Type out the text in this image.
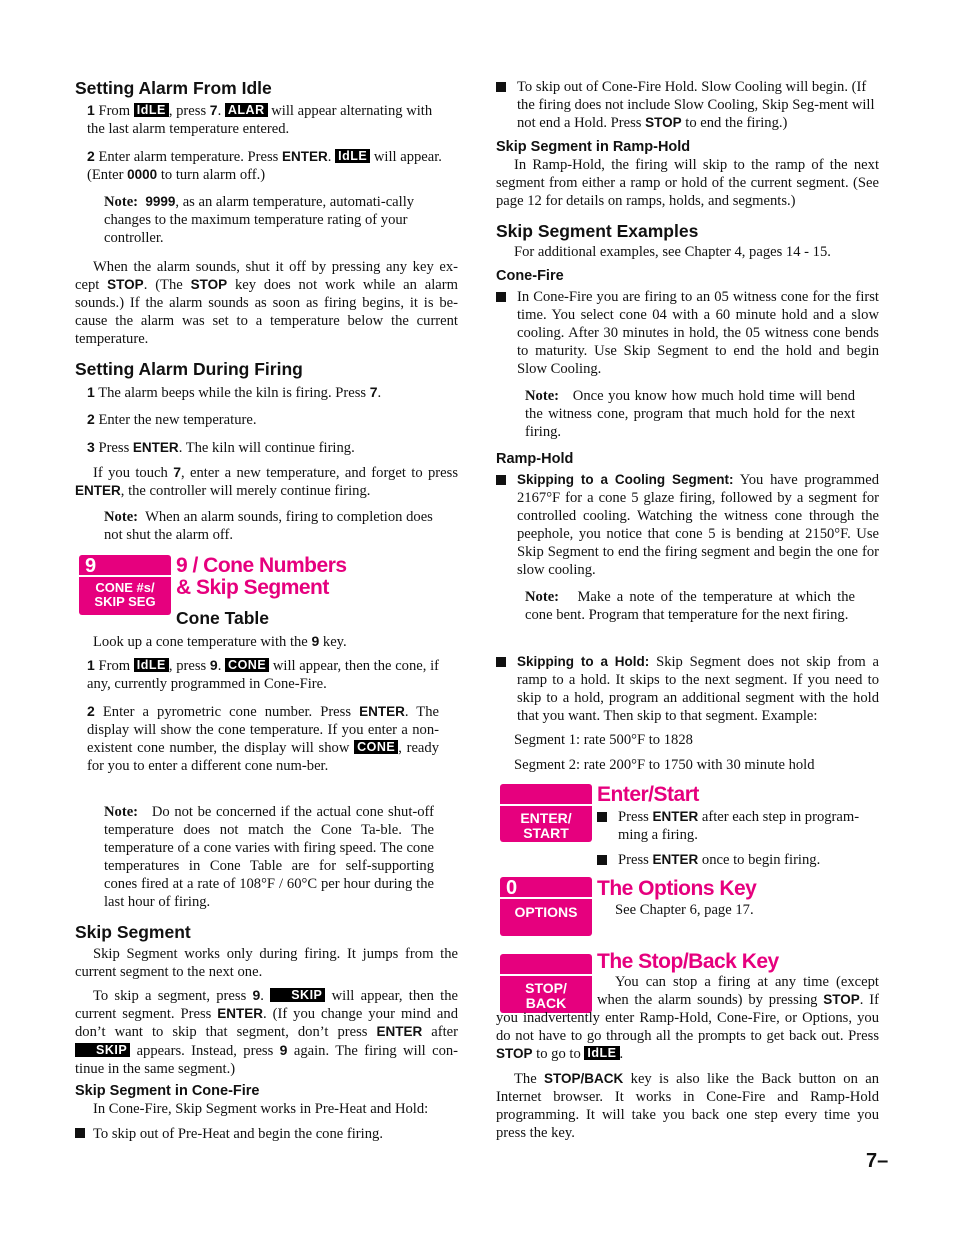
Setting Alarm From Idle
1 From IdLE , press 7. ALAR will appear alternating with the last alarm temperature entered.
2 Enter alarm temperature. Press ENTER. IdLE will appear. (Enter 0000 to turn alarm off.)
Note: 9999, as an alarm temperature, automati-cally changes to the maximum temperature rating of your controller.
When the alarm sounds, shut it off by pressing any key ex-cept STOP. (The STOP key does not work while an alarm sounds.) If the alarm sounds as soon as firing begins, it is be-cause the alarm was set to a temperature below the current temperature.
Setting Alarm During Firing
1 The alarm beeps while the kiln is firing. Press 7.
2 Enter the new temperature.
3 Press ENTER. The kiln will continue firing.
If you touch 7, enter a new temperature, and forget to press ENTER, the controller will merely continue firing.
Note: When an alarm sounds, firing to completion does not shut the alarm off.
9
CONE #s/
SKIP SEG
9 / Cone Numbers
& Skip Segment
Cone Table
Look up a cone temperature with the 9 key.
1 From IdLE , press 9. CONE will appear, then the cone, if any, currently programmed in Cone-Fire.
2 Enter a pyrometric cone number. Press ENTER. The display will show the cone temperature. If you enter a non-existent cone number, the display will show CONE , ready for you to enter a different cone num-ber.
Note: Do not be concerned if the actual cone shut-off temperature does not match the Cone Ta-ble. The temperature of a cone varies with firing speed. The cone temperatures in Cone Table are for self-supporting cones fired at a rate of 108°F / 60°C per hour during the last hour of firing.
Skip Segment
Skip Segment works only during firing. It jumps from the current segment to the next one.
To skip a segment, press 9. SKIP will appear, then the current segment. Press ENTER. (If you change your mind and don’t want to skip that segment, don’t press ENTER after SKIP appears. Instead, press 9 again. The firing will con-tinue in the same segment.)
Skip Segment in Cone-Fire
In Cone-Fire, Skip Segment works in Pre-Heat and Hold:
To skip out of Pre-Heat and begin the cone firing.
To skip out of Cone-Fire Hold. Slow Cooling will begin. (If the firing does not include Slow Cooling, Skip Seg-ment will not end a Hold. Press STOP to end the firing.)
Skip Segment in Ramp-Hold
In Ramp-Hold, the firing will skip to the ramp of the next segment from either a ramp or hold of the current segment. (See page 12 for details on ramps, holds, and segments.)
Skip Segment Examples
For additional examples, see Chapter 4, pages 14 - 15.
Cone-Fire
In Cone-Fire you are firing to an 05 witness cone for the first time. You select cone 04 with a 60 minute hold and a slow cooling. After 30 minutes in hold, the 05 witness cone bends to maturity. Use Skip Segment to end the hold and begin Slow Cooling.
Note: Once you know how much hold time will bend the witness cone, program that much hold for the next firing.
Ramp-Hold
Skipping to a Cooling Segment: You have programmed 2167°F for a cone 5 glaze firing, followed by a segment for controlled cooling. Watching the witness cone through the peephole, you notice that cone 5 is bending at 2150°F. Use Skip Segment to end the firing segment and begin the one for slow cooling.
Note: Make a note of the temperature at which the cone bent. Program that temperature for the next firing.
Skipping to a Hold: Skip Segment does not skip from a ramp to a hold. It skips to the next segment. If you need to skip to a hold, program an additional segment with the hold that you want. Then skip to that segment. Example:
Segment 1: rate 500°F to 1828
Segment 2: rate 200°F to 1750 with 30 minute hold
ENTER/
START
Enter/Start
Press ENTER after each step in program-ming a firing.
Press ENTER once to begin firing.
0
OPTIONS
The Options Key
See Chapter 6, page 17.
STOP/
BACK
The Stop/Back Key
You can stop a firing at any time (except when the alarm sounds) by pressing STOP. If you inadvertently enter Ramp-Hold, Cone-Fire, or Options, you do not have to go through all the prompts to get back out. Press STOP to go to IdLE .
The STOP/BACK key is also like the Back button on an Internet browser. It works in Cone-Fire and Ramp-Hold programming. It will take you back one step every time you press the key.
7–
